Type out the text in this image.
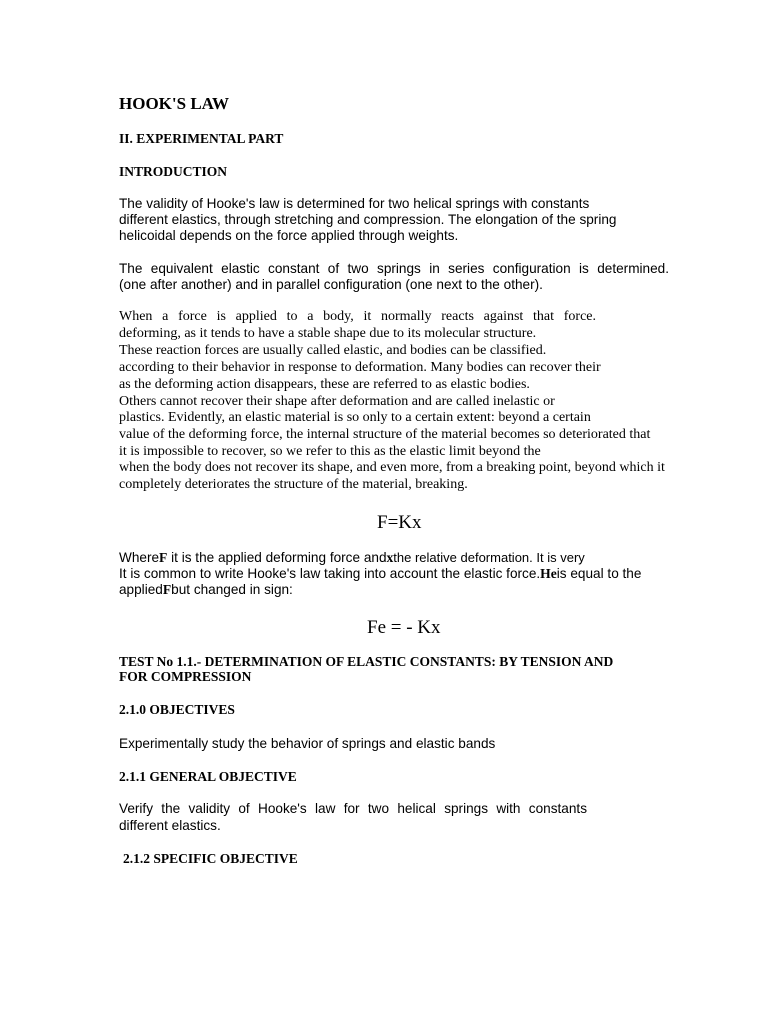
HOOK'S LAW
II. EXPERIMENTAL PART
INTRODUCTION
The validity of Hooke's law is determined for two helical springs with constants
different elastics, through stretching and compression. The elongation of the spring
helicoidal depends on the force applied through weights.
The equivalent elastic constant of two springs in series configuration is determined.
(one after another) and in parallel configuration (one next to the other).
When a force is applied to a body, it normally reacts against that force.
deforming, as it tends to have a stable shape due to its molecular structure.
These reaction forces are usually called elastic, and bodies can be classified.
according to their behavior in response to deformation. Many bodies can recover their
as the deforming action disappears, these are referred to as elastic bodies.
Others cannot recover their shape after deformation and are called inelastic or
plastics. Evidently, an elastic material is so only to a certain extent: beyond a certain
value of the deforming force, the internal structure of the material becomes so deteriorated that
it is impossible to recover, so we refer to this as the elastic limit beyond the
when the body does not recover its shape, and even more, from a breaking point, beyond which it
completely deteriorates the structure of the material, breaking.
F=Kx
WhereF it is the applied deforming force andxthe relative deformation. It is very
It is common to write Hooke's law taking into account the elastic force.Heis equal to the
appliedFbut changed in sign:
Fe = - Kx
TEST No 1.1.- DETERMINATION OF ELASTIC CONSTANTS: BY TENSION AND
FOR COMPRESSION
2.1.0 OBJECTIVES
Experimentally study the behavior of springs and elastic bands
2.1.1 GENERAL OBJECTIVE
Verify the validity of Hooke's law for two helical springs with constants
different elastics.
2.1.2 SPECIFIC OBJECTIVE
